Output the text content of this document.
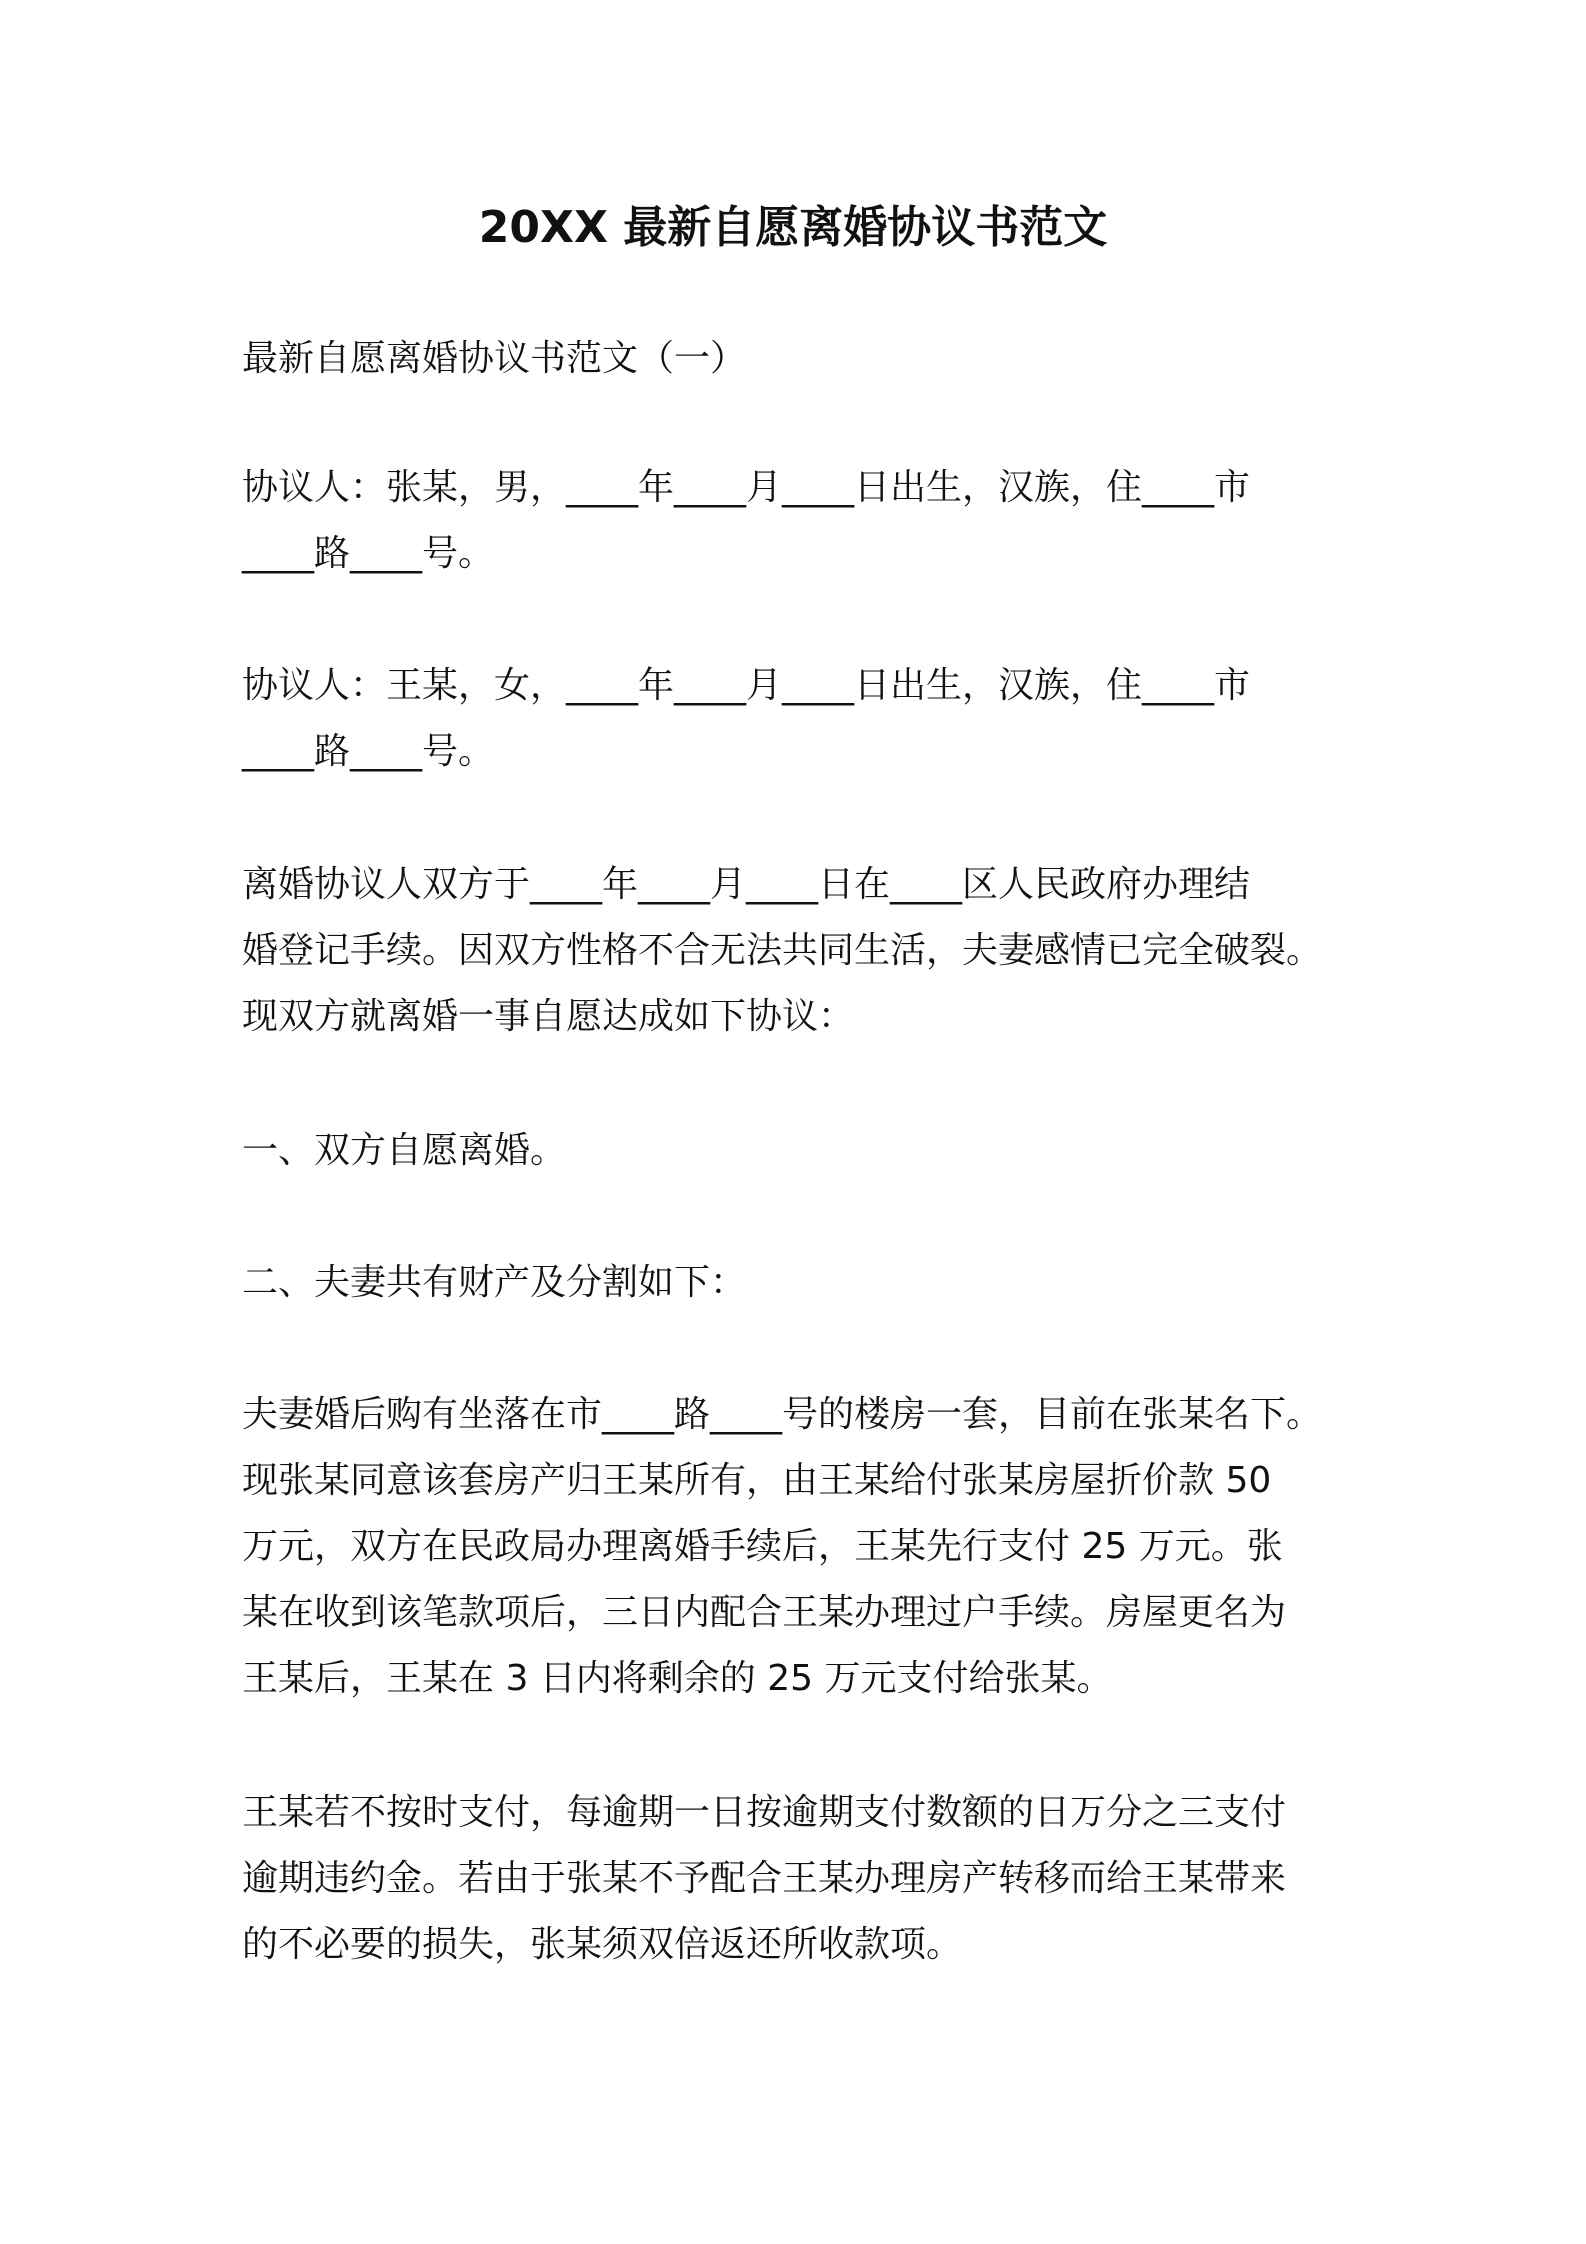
20XX 最新自愿离婚协议书范文

最新自愿离婚协议书范文（一）

协议人：张某，男，____年____月____日出生，汉族，住____市
____路____号。

协议人：王某，女，____年____月____日出生，汉族，住____市
____路____号。

离婚协议人双方于____年____月____日在____区人民政府办理结
婚登记手续。因双方性格不合无法共同生活，夫妻感情已完全破裂。
现双方就离婚一事自愿达成如下协议：

一、双方自愿离婚。

二、夫妻共有财产及分割如下：

夫妻婚后购有坐落在市____路____号的楼房一套，目前在张某名下。
现张某同意该套房产归王某所有，由王某给付张某房屋折价款 50
万元，双方在民政局办理离婚手续后，王某先行支付 25 万元。张
某在收到该笔款项后，三日内配合王某办理过户手续。房屋更名为
王某后，王某在 3 日内将剩余的 25 万元支付给张某。

王某若不按时支付，每逾期一日按逾期支付数额的日万分之三支付
逾期违约金。若由于张某不予配合王某办理房产转移而给王某带来
的不必要的损失，张某须双倍返还所收款项。
